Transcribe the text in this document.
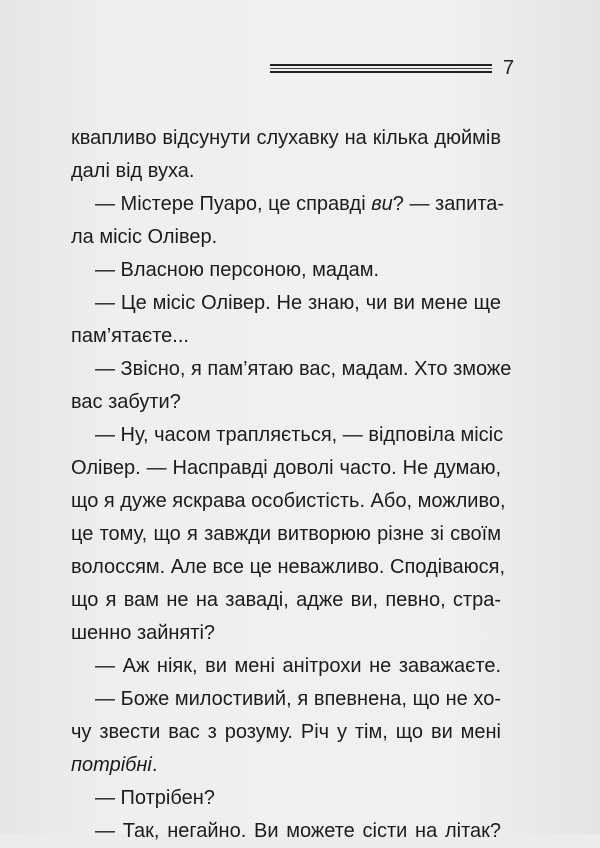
7
квапливо відсунути слухавку на кілька дюймів
далі від вуха.
— Містере Пуаро, це справді ви? — запита-
ла місіс Олівер.
— Власною персоною, мадам.
— Це місіс Олівер. Не знаю, чи ви мене ще
пам’ятаєте...
— Звісно, я пам’ятаю вас, мадам. Хто зможе
вас забути?
— Ну, часом трапляється, — відповіла місіс
Олівер. — Насправді доволі часто. Не думаю,
що я дуже яскрава особистість. Або, можливо,
це тому, що я завжди витворюю різне зі своїм
волоссям. Але все це неважливо. Сподіваюся,
що я вам не на заваді, адже ви, певно, стра-
шенно зайняті?
— Аж ніяк, ви мені анітрохи не заважаєте.
— Боже милостивий, я впевнена, що не хо-
чу звести вас з розуму. Річ у тім, що ви мені
потрібні.
— Потрібен?
— Так, негайно. Ви можете сісти на літак?
